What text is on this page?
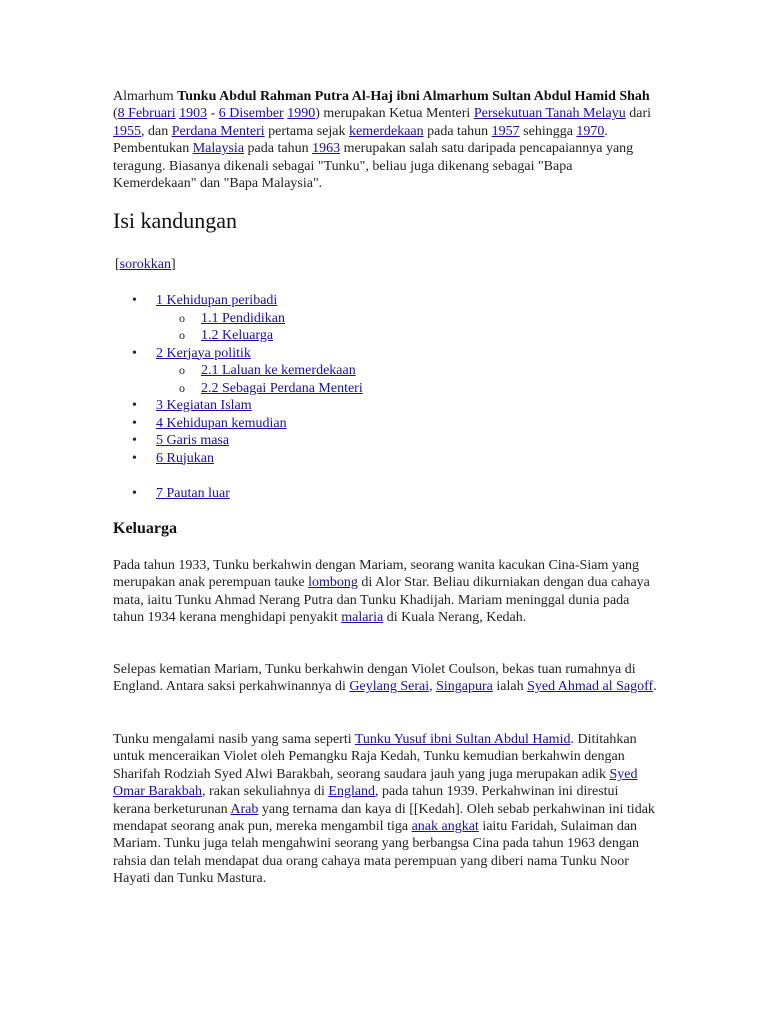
Almarhum Tunku Abdul Rahman Putra Al-Haj ibni Almarhum Sultan Abdul Hamid Shah (8 Februari 1903 - 6 Disember 1990) merupakan Ketua Menteri Persekutuan Tanah Melayu dari 1955, dan Perdana Menteri pertama sejak kemerdekaan pada tahun 1957 sehingga 1970. Pembentukan Malaysia pada tahun 1963 merupakan salah satu daripada pencapaiannya yang teragung. Biasanya dikenali sebagai "Tunku", beliau juga dikenang sebagai "Bapa Kemerdekaan" dan "Bapa Malaysia".

Isi kandungan
[sorokkan]
• 1 Kehidupan peribadi
o 1.1 Pendidikan
o 1.2 Keluarga
• 2 Kerjaya politik
o 2.1 Laluan ke kemerdekaan
o 2.2 Sebagai Perdana Menteri
• 3 Kegiatan Islam
• 4 Kehidupan kemudian
• 5 Garis masa
• 6 Rujukan
• 7 Pautan luar
Keluarga

Pada tahun 1933, Tunku berkahwin dengan Mariam, seorang wanita kacukan Cina-Siam yang merupakan anak perempuan tauke lombong di Alor Star. Beliau dikurniakan dengan dua cahaya mata, iaitu Tunku Ahmad Nerang Putra dan Tunku Khadijah. Mariam meninggal dunia pada tahun 1934 kerana menghidapi penyakit malaria di Kuala Nerang, Kedah.

Selepas kematian Mariam, Tunku berkahwin dengan Violet Coulson, bekas tuan rumahnya di England. Antara saksi perkahwinannya di Geylang Serai, Singapura ialah Syed Ahmad al Sagoff.

Tunku mengalami nasib yang sama seperti Tunku Yusuf ibni Sultan Abdul Hamid. Dititahkan untuk menceraikan Violet oleh Pemangku Raja Kedah, Tunku kemudian berkahwin dengan Sharifah Rodziah Syed Alwi Barakbah, seorang saudara jauh yang juga merupakan adik Syed Omar Barakbah, rakan sekuliahnya di England, pada tahun 1939. Perkahwinan ini direstui kerana berketurunan Arab yang ternama dan kaya di [[Kedah]. Oleh sebab perkahwinan ini tidak mendapat seorang anak pun, mereka mengambil tiga anak angkat iaitu Faridah, Sulaiman dan Mariam. Tunku juga telah mengahwini seorang yang berbangsa Cina pada tahun 1963 dengan rahsia dan telah mendapat dua orang cahaya mata perempuan yang diberi nama Tunku Noor Hayati dan Tunku Mastura.
